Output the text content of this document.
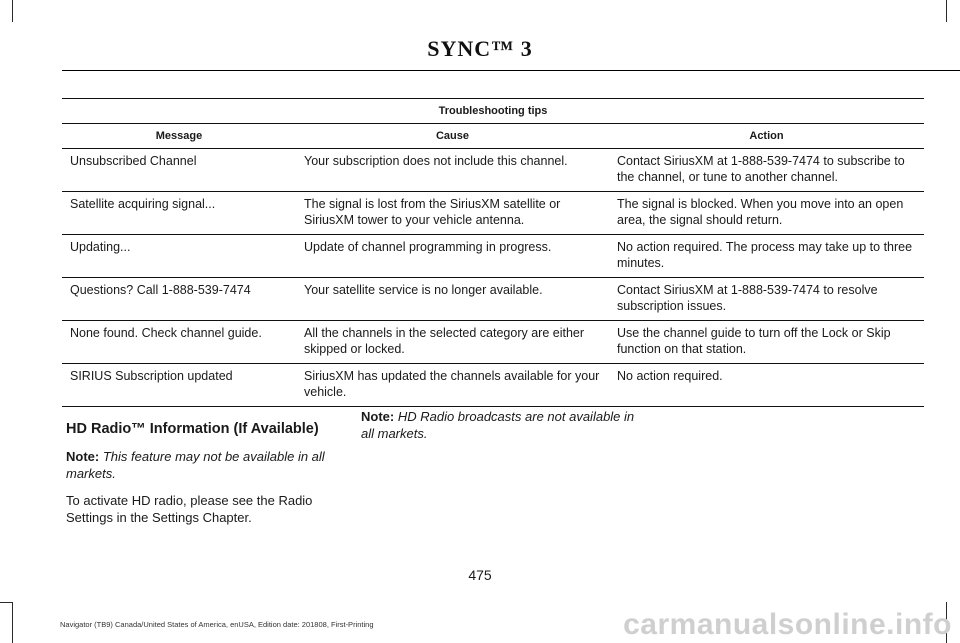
SYNC™ 3
Troubleshooting tips		
Message	Cause	Action
Unsubscribed Channel	Your subscription does not include this channel.	Contact SiriusXM at 1-888-539-7474 to subscribe to the channel, or tune to another channel.
Satellite acquiring signal...	The signal is lost from the SiriusXM satellite or SiriusXM tower to your vehicle antenna.	The signal is blocked. When you move into an open area, the signal should return.
Updating...	Update of channel programming in progress.	No action required. The process may take up to three minutes.
Questions? Call 1-888-539-7474	Your satellite service is no longer available.	Contact SiriusXM at 1-888-539-7474 to resolve subscription issues.
None found. Check channel guide.	All the channels in the selected category are either skipped or locked.	Use the channel guide to turn off the Lock or Skip function on that station.
SIRIUS Subscription updated	SiriusXM has updated the channels available for your vehicle.	No action required.
HD Radio™ Information (If Available)

Note: This feature may not be available in all markets.

To activate HD radio, please see the Radio Settings in the Settings Chapter.

Note: HD Radio broadcasts are not available in all markets.

475
Navigator (TB9) Canada/United States of America, enUSA, Edition date: 201808, First-Printing	carmanualsonline.info
